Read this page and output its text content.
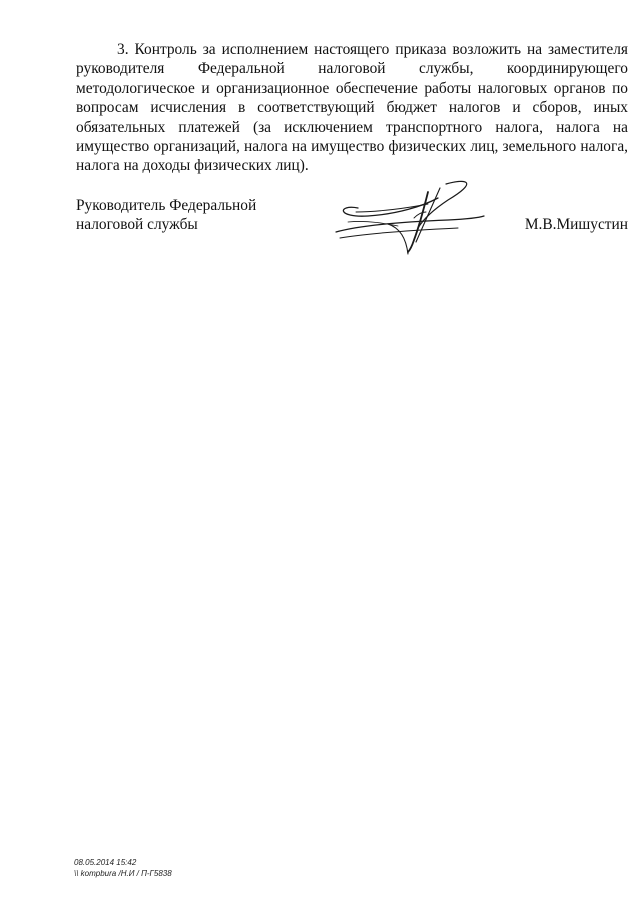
3. Контроль за исполнением настоящего приказа возложить на заместителя руководителя Федеральной налоговой службы, координирующего методологическое и организационное обеспечение работы налоговых органов по вопросам исчисления в соответствующий бюджет налогов и сборов, иных обязательных платежей (за исключением транспортного налога, налога на имущество организаций, налога на имущество физических лиц, земельного налога, налога на доходы физических лиц).

Руководитель Федеральной
налоговой службы	М.В.Мишустин
08.05.2014 15:42
\\ kompbura /Н.И / П-Г5838
